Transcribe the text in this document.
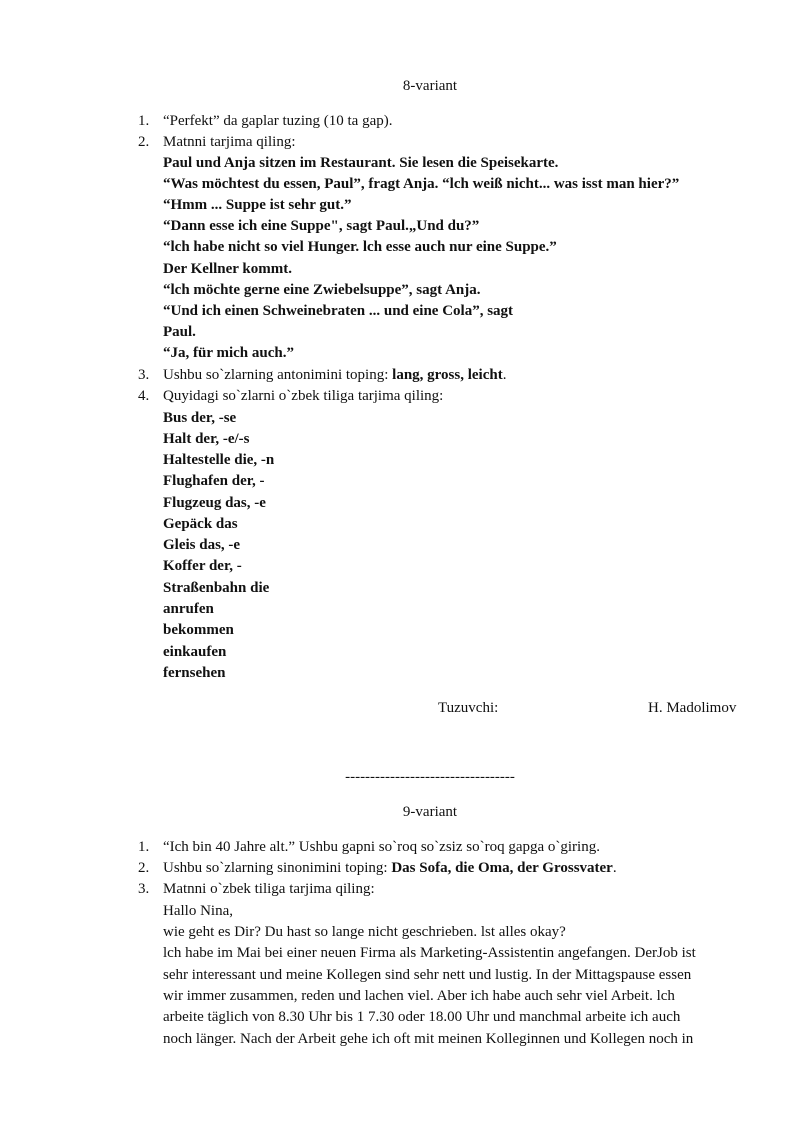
8-variant
1. “Perfekt” da gaplar tuzing (10 ta gap).
2. Matnni tarjima qiling:
Paul und Anja sitzen im Restaurant. Sie lesen die Speisekarte.
“Was möchtest du essen, Paul”, fragt Anja. “lch weiß nicht... was isst man hier?”
“Hmm ... Suppe ist sehr gut.”
“Dann esse ich eine Suppe", sagt Paul.„Und du?”
“lch habe nicht so viel Hunger. lch esse auch nur eine Suppe.”
Der Kellner kommt.
“lch möchte gerne eine Zwiebelsuppe”, sagt Anja.
“Und ich einen Schweinebraten ... und eine Cola”, sagt
Paul.
“Ja, für mich auch.”
3. Ushbu so`zlarning antonimini toping: lang, gross, leicht.
4. Quyidagi so`zlarni o`zbek tiliga tarjima qiling:
Bus der, -se
Halt der, -e/-s
Haltestelle die, -n
Flughafen der, -
Flugzeug das, -e
Gepäck das
Gleis das, -e
Koffer der, -
Straßenbahn die
anrufen
bekommen
einkaufen
fernsehen
Tuzuvchi:	H. Madolimov
----------------------------------
9-variant
1. “Ich bin 40 Jahre alt.” Ushbu gapni so`roq so`zsiz so`roq gapga o`giring.
2. Ushbu so`zlarning sinonimini toping: Das Sofa, die Oma, der Grossvater.
3. Matnni o`zbek tiliga tarjima qiling:
Hallo Nina,
wie geht es Dir? Du hast so lange nicht geschrieben. lst alles okay?
lch habe im Mai bei einer neuen Firma als Marketing-Assistentin angefangen. DerJob ist
sehr interessant und meine Kollegen sind sehr nett und lustig. In der Mittagspause essen
wir immer zusammen, reden und lachen viel. Aber ich habe auch sehr viel Arbeit. lch
arbeite täglich von 8.30 Uhr bis 1 7.30 oder 18.00 Uhr und manchmal arbeite ich auch
noch länger. Nach der Arbeit gehe ich oft mit meinen Kolleginnen und Kollegen noch in
